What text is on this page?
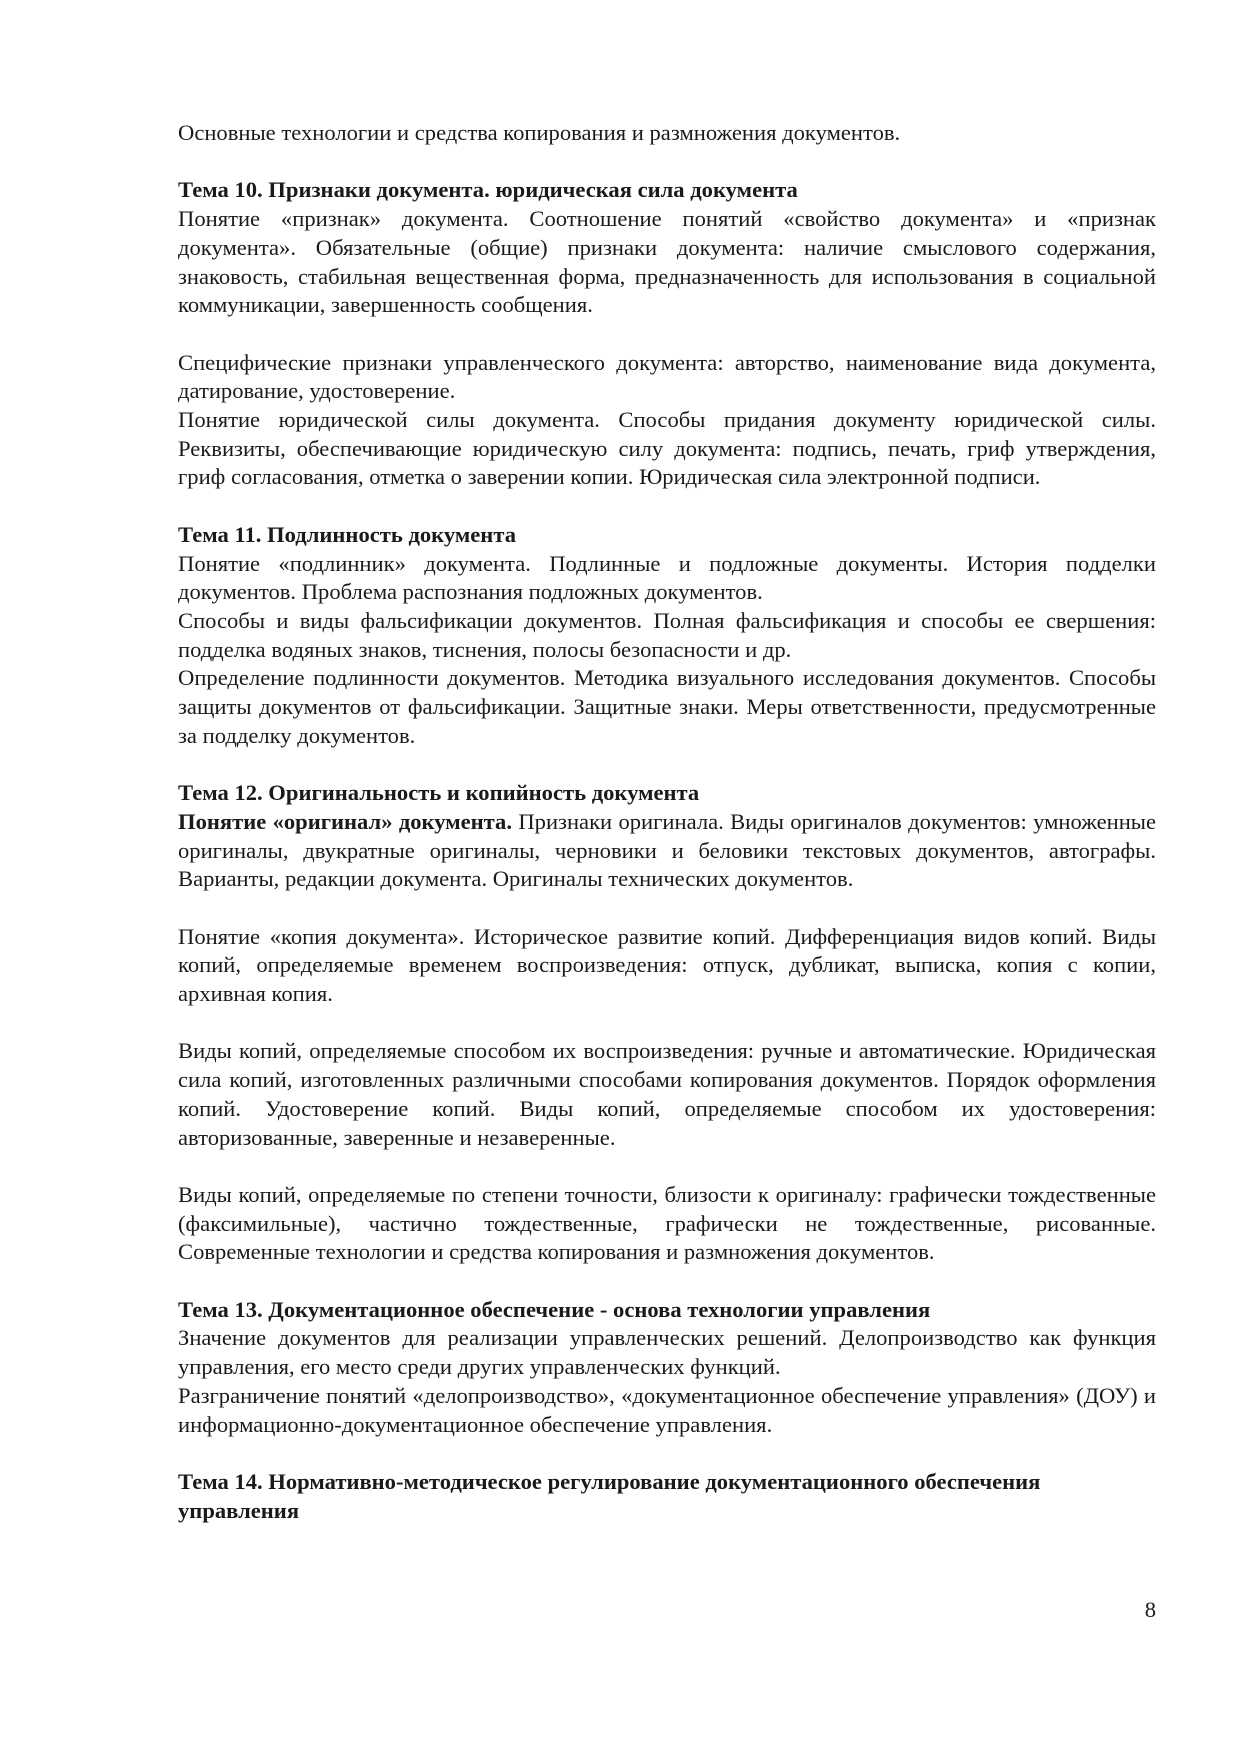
Основные технологии и средства копирования и размножения документов.

Тема 10. Признаки документа. юридическая сила документа

Понятие «признак» документа. Соотношение понятий «свойство документа» и «признак документа». Обязательные (общие) признаки документа: наличие смыслового содержания, знаковость, стабильная вещественная форма, предназначенность для использования в социальной коммуникации, завершенность сообщения.

Специфические признаки управленческого документа: авторство, наименование вида документа, датирование, удостоверение.

Понятие юридической силы документа. Способы придания документу юридической силы. Реквизиты, обеспечивающие юридическую силу документа: подпись, печать, гриф утверждения, гриф согласования, отметка о заверении копии. Юридическая сила электронной подписи.

Тема 11. Подлинность документа

Понятие «подлинник» документа. Подлинные и подложные документы. История подделки документов. Проблема распознания подложных документов.

Способы и виды фальсификации документов. Полная фальсификация и способы ее свершения: подделка водяных знаков, тиснения, полосы безопасности и др.

Определение подлинности документов. Методика визуального исследования документов. Способы защиты документов от фальсификации. Защитные знаки. Меры ответственности, предусмотренные за подделку документов.

Тема 12. Оригинальность и копийность документа

Понятие «оригинал» документа. Признаки оригинала. Виды оригиналов документов: умноженные оригиналы, двукратные оригиналы, черновики и беловики текстовых документов, автографы. Варианты, редакции документа. Оригиналы технических документов.

Понятие «копия документа». Историческое развитие копий. Дифференциация видов копий. Виды копий, определяемые временем воспроизведения: отпуск, дубликат, выписка, копия с копии, архивная копия.

Виды копий, определяемые способом их воспроизведения: ручные и автоматические. Юридическая сила копий, изготовленных различными способами копирования документов. Порядок оформления копий. Удостоверение копий. Виды копий, определяемые способом их удостоверения: авторизованные, заверенные и незаверенные.

Виды копий, определяемые по степени точности, близости к оригиналу: графически тождественные (факсимильные), частично тождественные, графически не тождественные, рисованные. Современные технологии и средства копирования и размножения документов.

Тема 13. Документационное обеспечение - основа технологии управления

Значение документов для реализации управленческих решений. Делопроизводство как функция управления, его место среди других управленческих функций.

Разграничение понятий «делопроизводство», «документационное обеспечение управления» (ДОУ) и информационно-документационное обеспечение управления.

Тема 14. Нормативно-методическое регулирование документационного обеспечения управления

8
